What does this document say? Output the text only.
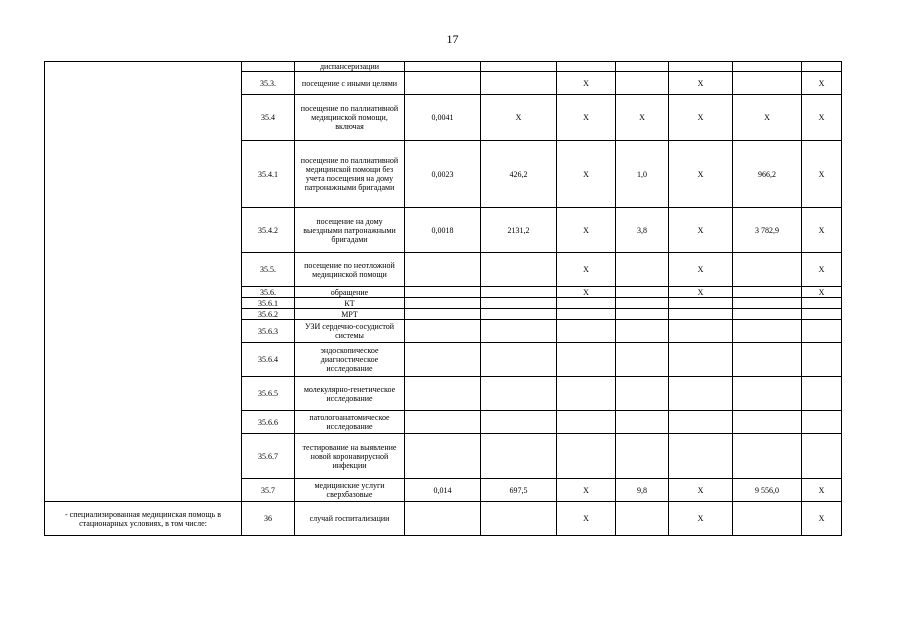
17
		диспансеризации							
	35.3.	посещение с иными целями			X		X		X
	35.4	посещение по паллиативной медицинской помощи, включая	0,0041	X	X	X	X	X	X
	35.4.1	посещение по паллиативной медицинской помощи без учета посещения на дому патронажными бригадами	0,0023	426,2	X	1,0	X	966,2	X
	35.4.2	посещение на дому выездными патронажными бригадами	0,0018	2131,2	X	3,8	X	3 782,9	X
	35.5.	посещение по неотложной медицинской помощи			X		X		X
	35.6.	обращение			X		X		X
	35.6.1	КТ							
	35.6.2	МРТ							
	35.6.3	УЗИ сердечно-сосудистой системы							
	35.6.4	эндоскопическое диагностическое исследование							
	35.6.5	молекулярно-генетическое исследование							
	35.6.6	патологоанатомическое исследование							
	35.6.7	тестирование на выявление новой коронавирусной инфекции							
	35.7	медицинские услуги сверхбазовые	0,014	697,5	X	9,8	X	9 556,0	X
- специализированная медицинская помощь в стационарных условиях, в том числе:	36	случай госпитализации			X		X		X
